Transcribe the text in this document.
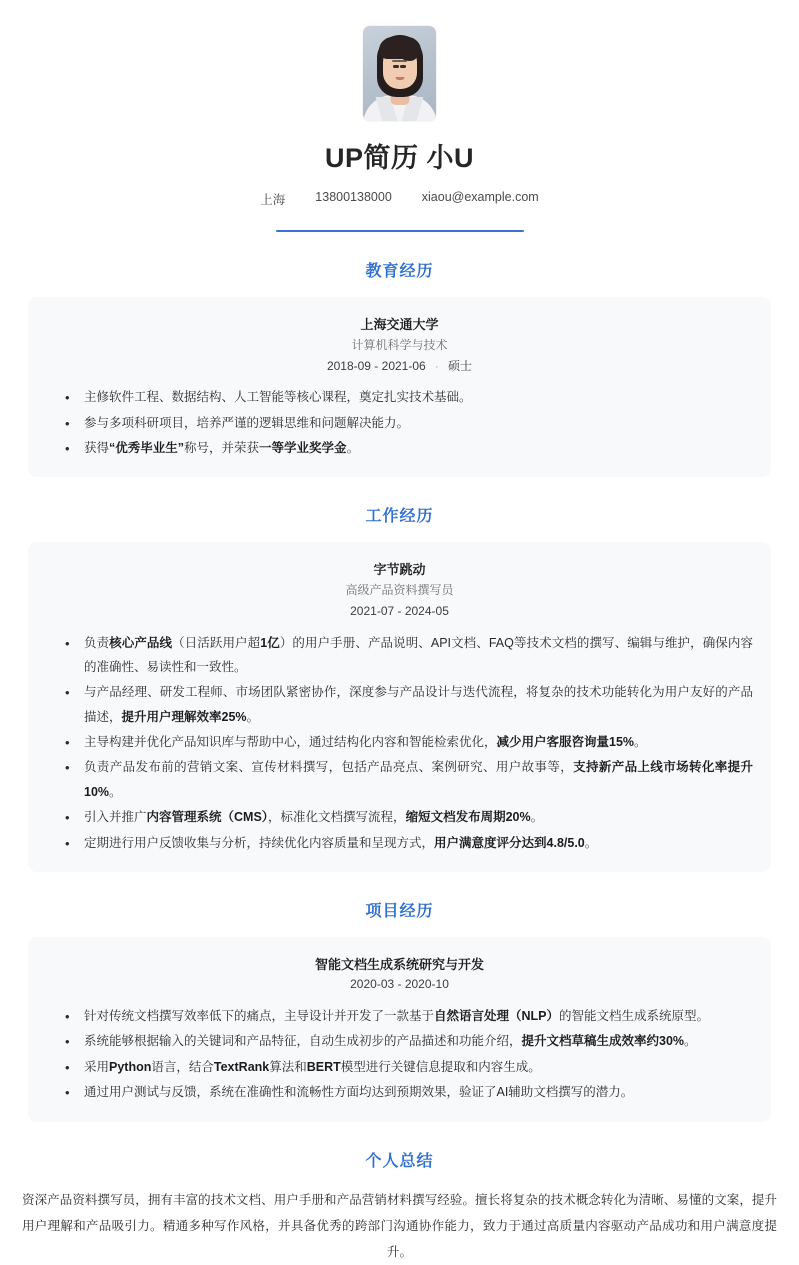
UP简历 小U
上海 13800138000 xiaou@example.com
教育经历
上海交通大学
计算机科学与技术
2018-09 - 2021-06 · 硕士
• 主修软件工程、数据结构、人工智能等核心课程，奠定扎实技术基础。
• 参与多项科研项目，培养严谨的逻辑思维和问题解决能力。
• 获得“优秀毕业生”称号，并荣获一等学业奖学金。
工作经历
字节跳动
高级产品资料撰写员
2021-07 - 2024-05
• 负责核心产品线（日活跃用户超1亿）的用户手册、产品说明、API文档、FAQ等技术文档的撰写、编辑与维护，确保内容的准确性、易读性和一致性。
• 与产品经理、研发工程师、市场团队紧密协作，深度参与产品设计与迭代流程，将复杂的技术功能转化为用户友好的产品描述，提升用户理解效率25%。
• 主导构建并优化产品知识库与帮助中心，通过结构化内容和智能检索优化，减少用户客服咨询量15%。
• 负责产品发布前的营销文案、宣传材料撰写，包括产品亮点、案例研究、用户故事等，支持新产品上线市场转化率提升10%。
• 引入并推广内容管理系统（CMS），标准化文档撰写流程，缩短文档发布周期20%。
• 定期进行用户反馈收集与分析，持续优化内容质量和呈现方式，用户满意度评分达到4.8/5.0。
项目经历
智能文档生成系统研究与开发
2020-03 - 2020-10
• 针对传统文档撰写效率低下的痛点，主导设计并开发了一款基于自然语言处理（NLP）的智能文档生成系统原型。
• 系统能够根据输入的关键词和产品特征，自动生成初步的产品描述和功能介绍，提升文档草稿生成效率约30%。
• 采用Python语言，结合TextRank算法和BERT模型进行关键信息提取和内容生成。
• 通过用户测试与反馈，系统在准确性和流畅性方面均达到预期效果，验证了AI辅助文档撰写的潜力。
个人总结
资深产品资料撰写员，拥有丰富的技术文档、用户手册和产品营销材料撰写经验。擅长将复杂的技术概念转化为清晰、易懂的文案，提升用户理解和产品吸引力。精通多种写作风格，并具备优秀的跨部门沟通协作能力，致力于通过高质量内容驱动产品成功和用户满意度提升。
